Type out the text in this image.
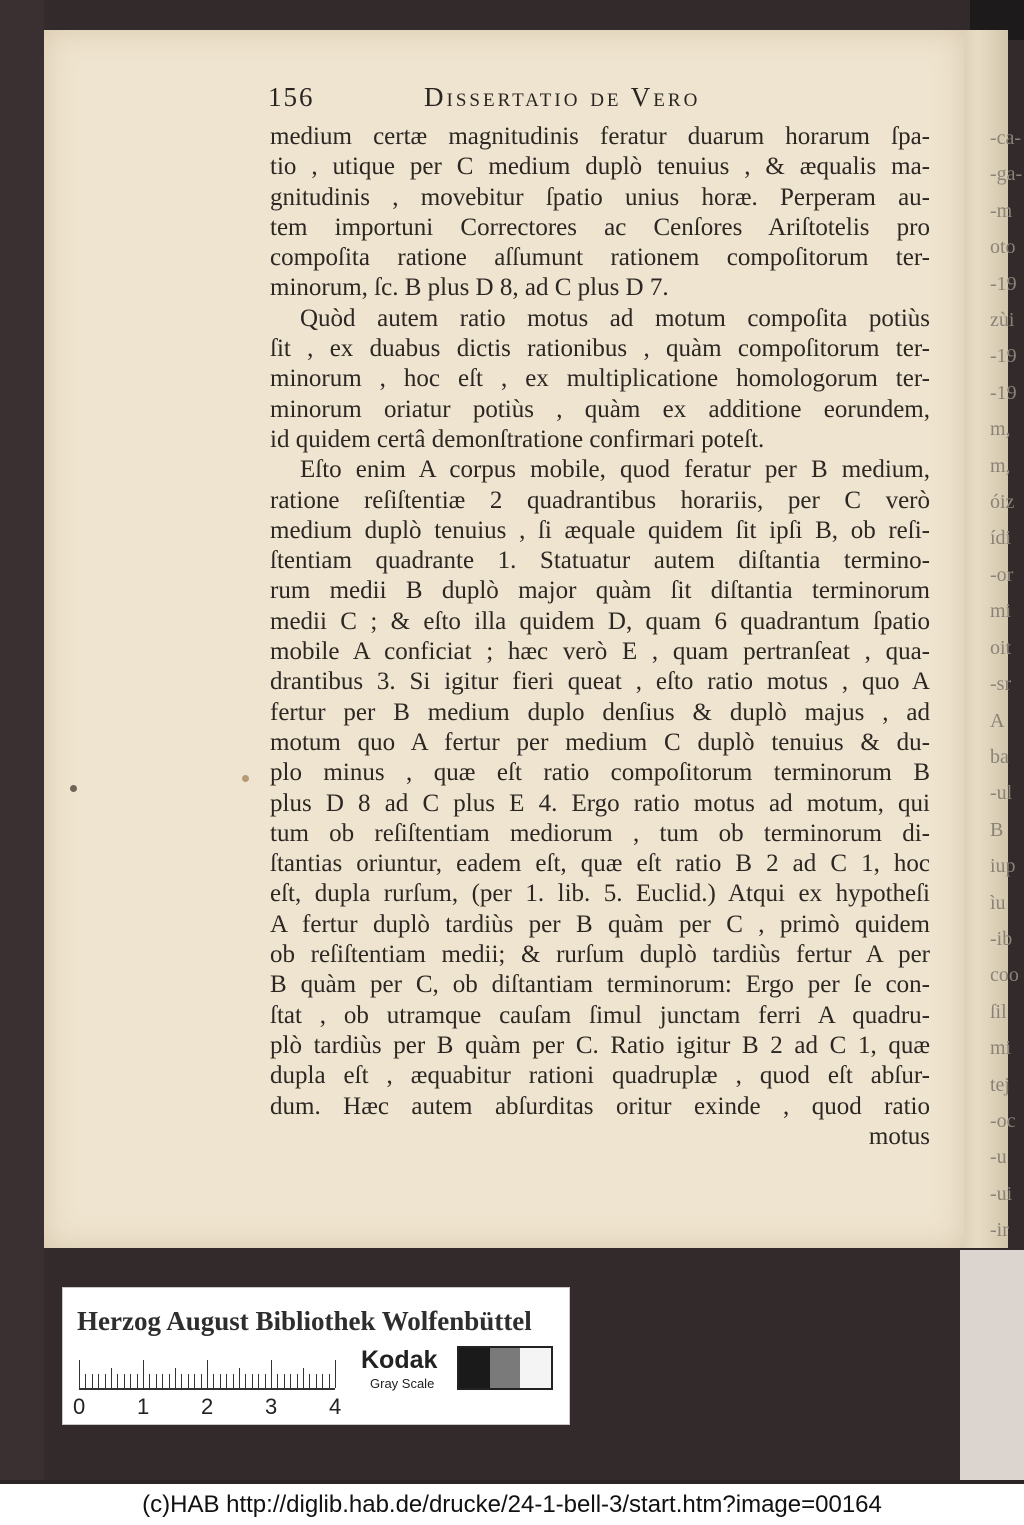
-ca-
-ga-
-m
oto
-19
zùi
-19
-19
m,
m,
óiz
ídi
-or
mi
oit
-sr
A
ba
-ul
B
iup
ìu
-ib
coo
ſil
mi
tej
-oc
-u
-ui
-ir
156	Dissertatio de Vero
medium certæ magnitudinis feratur duarum horarum ſpa-
tio , utique per C medium duplò tenuius , & æqualis ma-
gnitudinis , movebitur ſpatio unius horæ. Perperam au-
tem importuni Correctores ac Cenſores Ariſtotelis pro
compoſita ratione aſſumunt rationem compoſitorum ter-
minorum, ſc. B plus D 8, ad C plus D 7.
Quòd autem ratio motus ad motum compoſita potiùs
ſit , ex duabus dictis rationibus , quàm compoſitorum ter-
minorum , hoc eſt , ex multiplicatione homologorum ter-
minorum oriatur potiùs , quàm ex additione eorundem,
id quidem certâ demonſtratione confirmari poteſt.
Eſto enim A corpus mobile, quod feratur per B medium,
ratione reſiſtentiæ 2 quadrantibus horariis, per C verò
medium duplò tenuius , ſi æquale quidem ſit ipſi B, ob reſi-
ſtentiam quadrante 1. Statuatur autem diſtantia termino-
rum medii B duplò major quàm ſit diſtantia terminorum
medii C ; & eſto illa quidem D, quam 6 quadrantum ſpatio
mobile A conficiat ; hæc verò E , quam pertranſeat , qua-
drantibus 3. Si igitur fieri queat , eſto ratio motus , quo A
fertur per B medium duplo denſius & duplò majus , ad
motum quo A fertur per medium C duplò tenuius & du-
plo minus , quæ eſt ratio compoſitorum terminorum B
plus D 8 ad C plus E 4. Ergo ratio motus ad motum, qui
tum ob reſiſtentiam mediorum , tum ob terminorum di-
ſtantias oriuntur, eadem eſt, quæ eſt ratio B 2 ad C 1, hoc
eſt, dupla rurſum, (per 1. lib. 5. Euclid.) Atqui ex hypotheſi
A fertur duplò tardiùs per B quàm per C , primò quidem
ob reſiſtentiam medii; & rurſum duplò tardiùs fertur A per
B quàm per C, ob diſtantiam terminorum: Ergo per ſe con-
ſtat , ob utramque cauſam ſimul junctam ferri A quadru-
plò tardiùs per B quàm per C. Ratio igitur B 2 ad C 1, quæ
dupla eſt , æquabitur rationi quadruplæ , quod eſt abſur-
dum. Hæc autem abſurditas oritur exinde , quod ratio
motus
Herzog August Bibliothek Wolfenbüttel
0 1 2 3 4
Kodak
Gray Scale
(c)HAB http://diglib.hab.de/drucke/24-1-bell-3/start.htm?image=00164
